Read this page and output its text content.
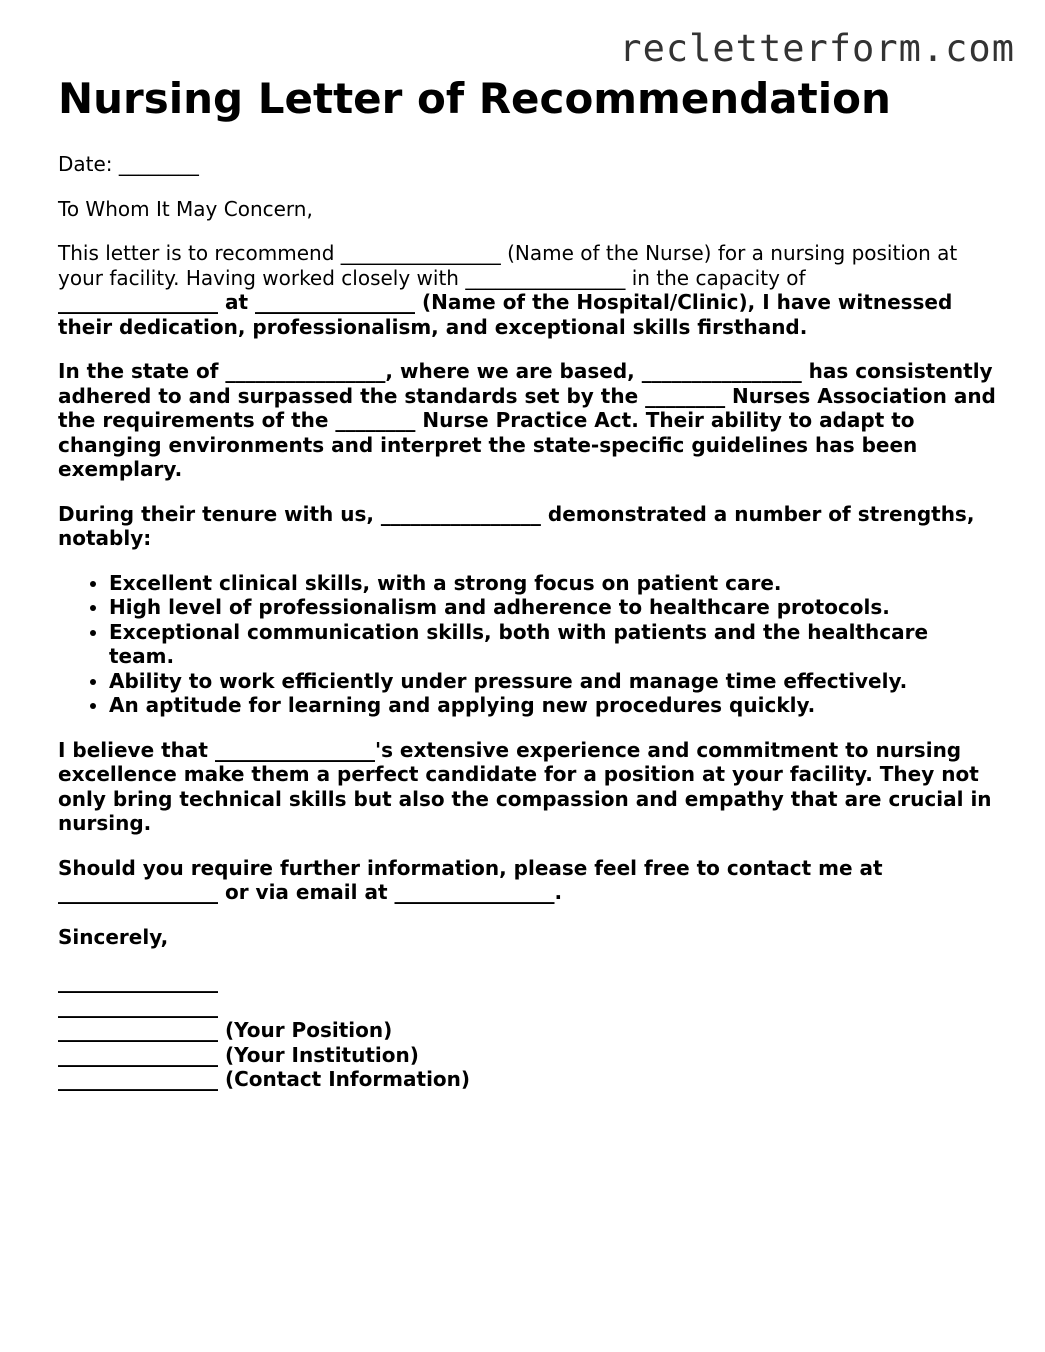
recletterform.com
Nursing Letter of Recommendation

Date: ________

To Whom It May Concern,

This letter is to recommend ________________ (Name of the Nurse) for a nursing position at your facility. Having worked closely with ________________ in the capacity of
________________ at ________________ (Name of the Hospital/Clinic), I have witnessed their dedication, professionalism, and exceptional skills firsthand.

In the state of ________________, where we are based, ________________ has consistently adhered to and surpassed the standards set by the ________ Nurses Association and the requirements of the ________ Nurse Practice Act. Their ability to adapt to changing environments and interpret the state-specific guidelines has been exemplary.

During their tenure with us, ________________ demonstrated a number of strengths, notably:

• Excellent clinical skills, with a strong focus on patient care.
• High level of professionalism and adherence to healthcare protocols.
• Exceptional communication skills, both with patients and the healthcare team.
• Ability to work efficiently under pressure and manage time effectively.
• An aptitude for learning and applying new procedures quickly.

I believe that ________________'s extensive experience and commitment to nursing excellence make them a perfect candidate for a position at your facility. They not only bring technical skills but also the compassion and empathy that are crucial in nursing.

Should you require further information, please feel free to contact me at ________________ or via email at ________________.

Sincerely,

________________
________________
________________ (Your Position)
________________ (Your Institution)
________________ (Contact Information)
